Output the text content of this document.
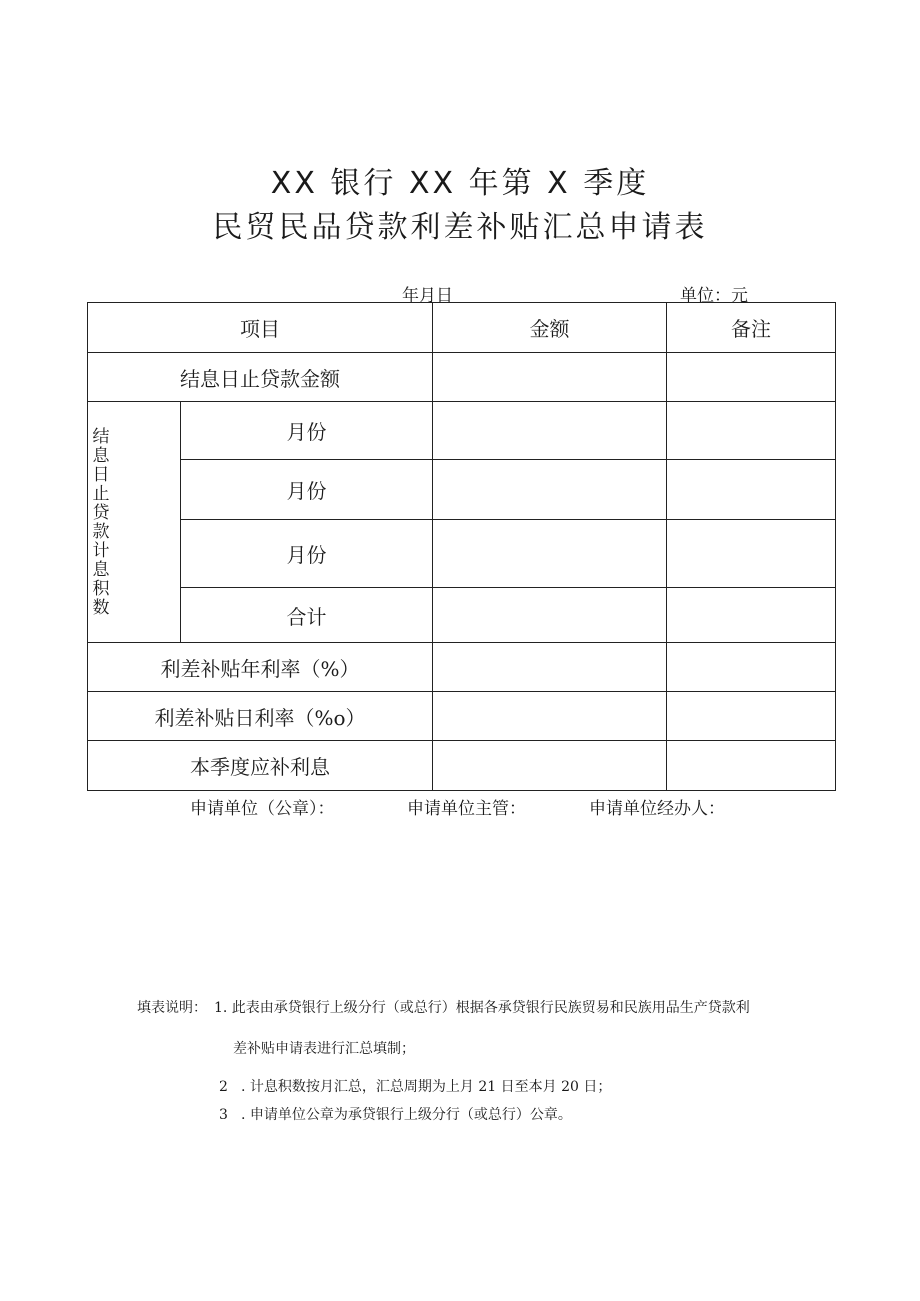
XX 银行 XX 年第 X 季度
民贸民品贷款利差补贴汇总申请表
年月日	单位：元
项目		金额	备注
结息日止贷款金额			

结息日止贷款计息积数	月份		
	月份		
	月份		
	合计		
利差补贴年利率（%）			
利差补贴日利率（%o）			
本季度应补利息			
申请单位（公章）：	申请单位主管：	申请单位经办人：
填表说明： 1. 此表由承贷银行上级分行（或总行）根据各承贷银行民族贸易和民族用品生产贷款利
差补贴申请表进行汇总填制；
2 . 计息积数按月汇总，汇总周期为上月 21 日至本月 20 日；
3 . 申请单位公章为承贷银行上级分行（或总行）公章。
